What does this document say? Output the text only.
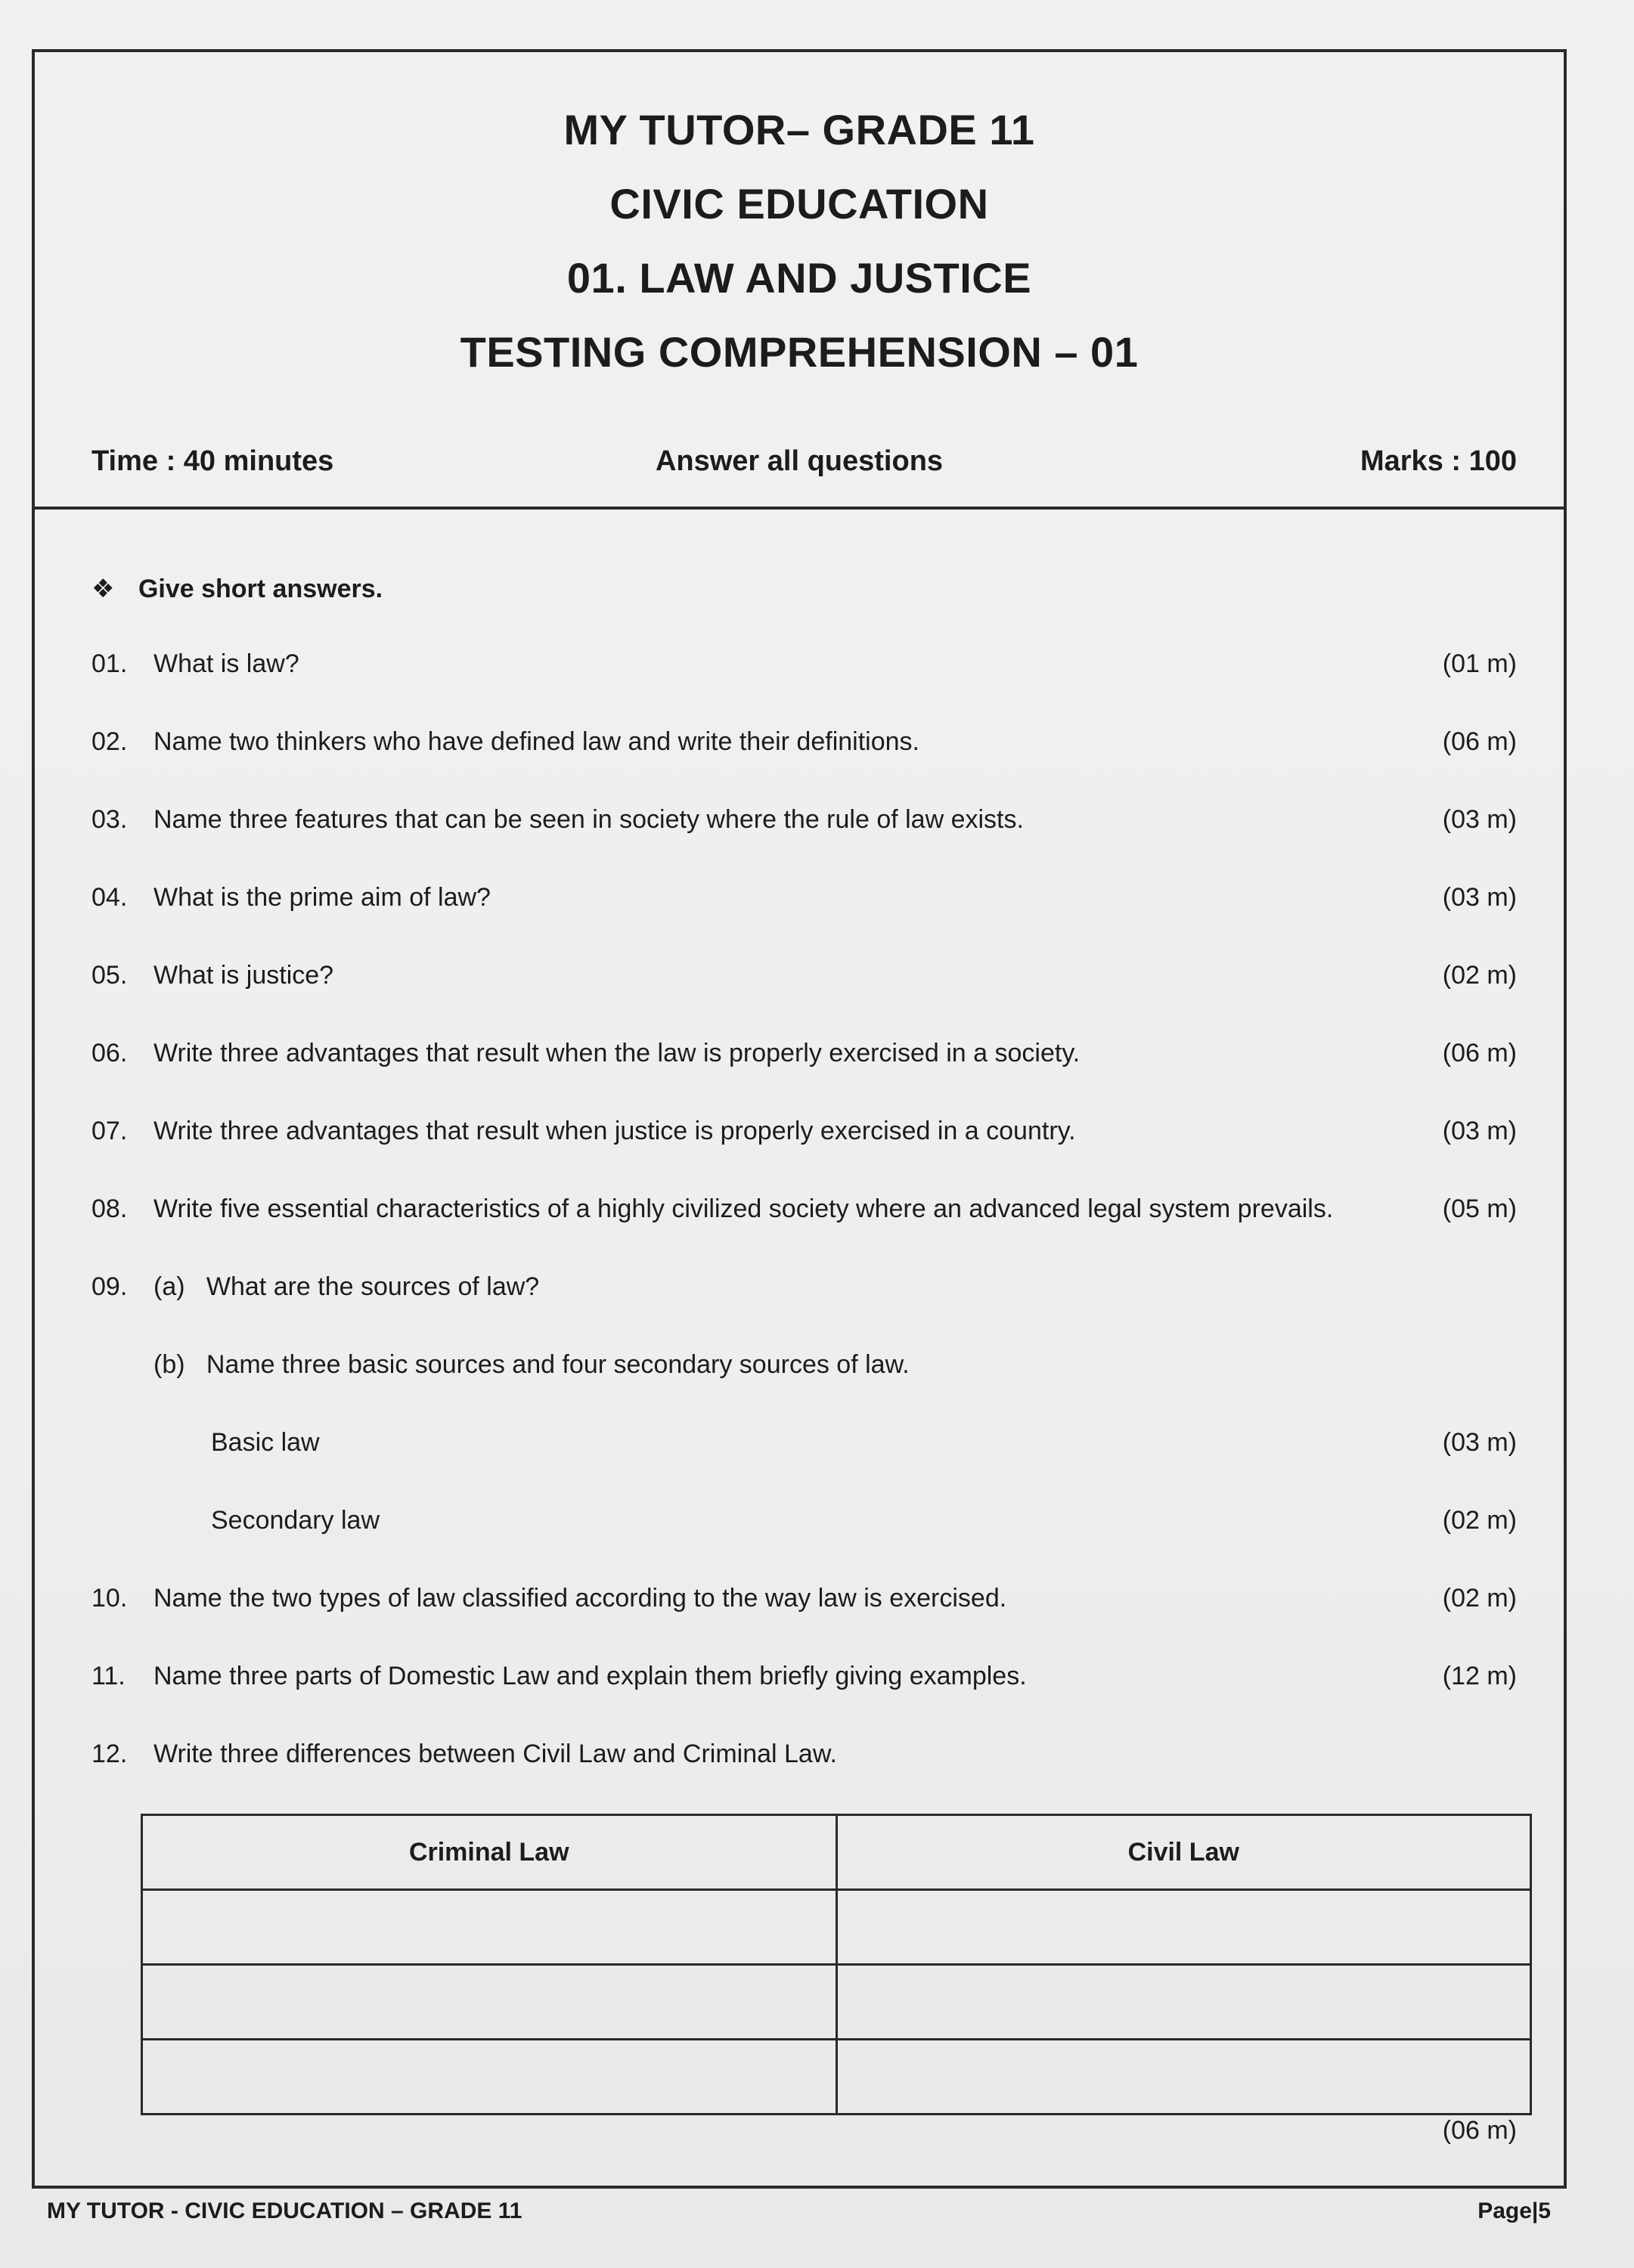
MY TUTOR– GRADE 11
CIVIC EDUCATION
01. LAW AND JUSTICE
TESTING COMPREHENSION – 01
Time : 40 minutes	Answer all questions	Marks : 100
❖ Give short answers.
01. What is law?	(01 m)
02. Name two thinkers who have defined law and write their definitions.	(06 m)
03. Name three features that can be seen in society where the rule of law exists.	(03 m)
04. What is the prime aim of law?	(03 m)
05. What is justice?	(02 m)
06. Write three advantages that result when the law is properly exercised in a society.	(06 m)
07. Write three advantages that result when justice is properly exercised in a country.	(03 m)
08. Write five essential characteristics of a highly civilized society where an advanced legal system prevails.	(05 m)
09. (a)   What are the sources of law?
(b)   Name three basic sources and four secondary sources of law.
Basic law	(03 m)
Secondary law	(02 m)
10. Name the two types of law classified according to the way law is exercised.	(02 m)
11. Name three parts of Domestic Law and explain them briefly giving examples.	(12 m)
12. Write three differences between Civil Law and Criminal Law.
Criminal Law	Civil Law

(06 m)
MY TUTOR - CIVIC EDUCATION – GRADE 11	Page|5
